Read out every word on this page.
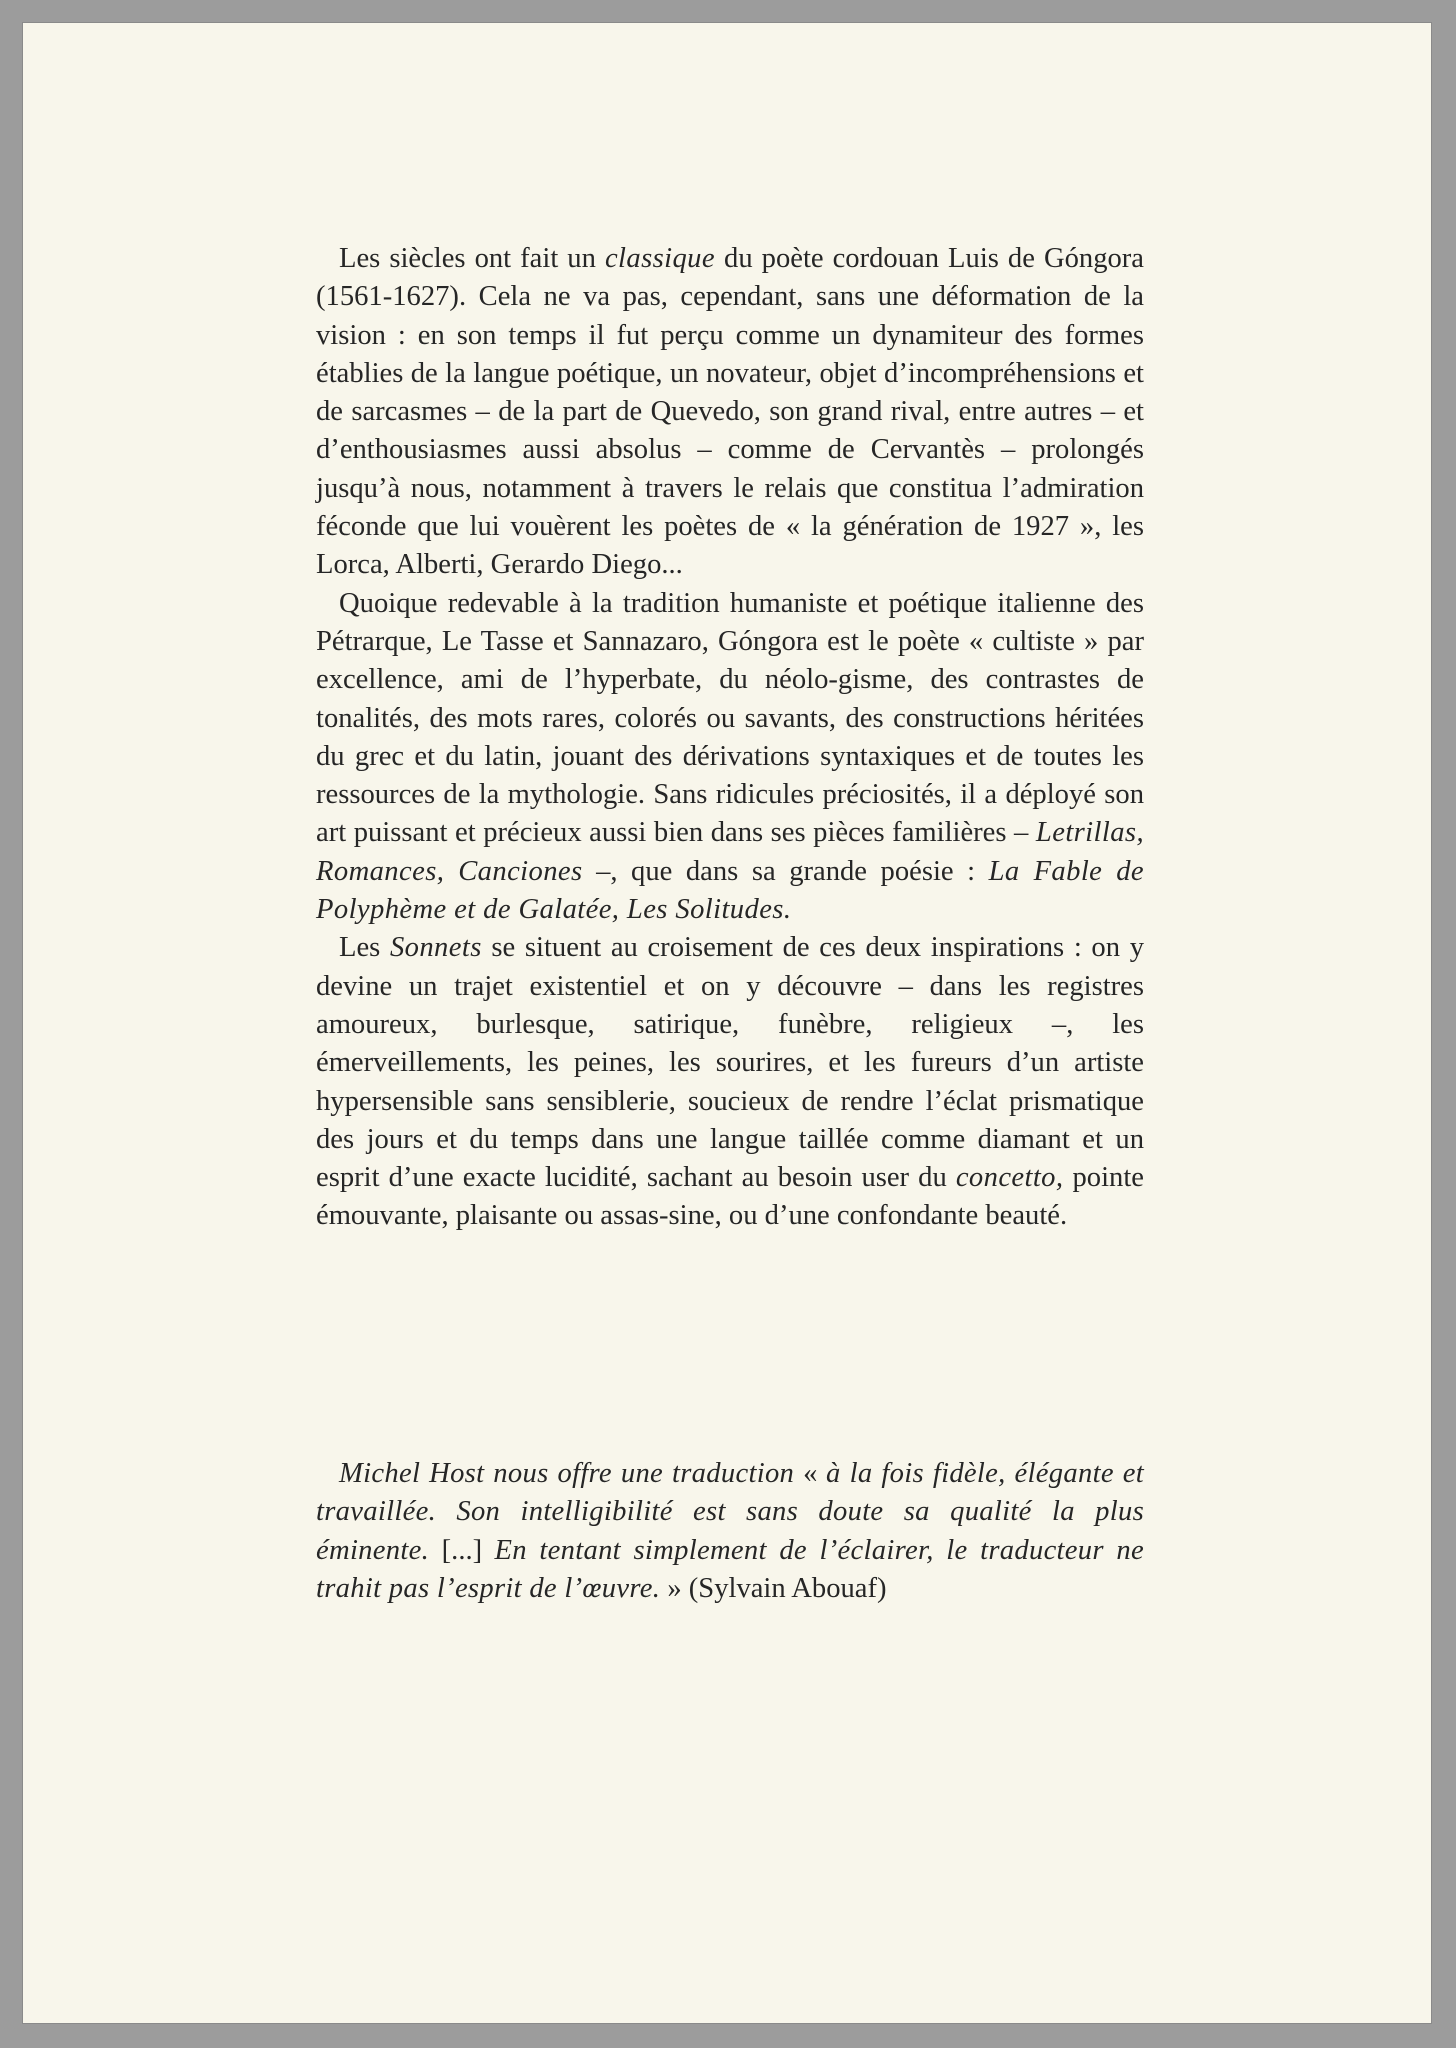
Les siècles ont fait un classique du poète cordouan Luis de Góngora (1561-1627). Cela ne va pas, cependant, sans une déformation de la vision : en son temps il fut perçu comme un dynamiteur des formes établies de la langue poétique, un novateur, objet d’incompréhensions et de sarcasmes – de la part de Quevedo, son grand rival, entre autres – et d’enthousiasmes aussi absolus – comme de Cervantès – prolongés jusqu’à nous, notamment à travers le relais que constitua l’admiration féconde que lui vouèrent les poètes de « la génération de 1927 », les Lorca, Alberti, Gerardo Diego...

Quoique redevable à la tradition humaniste et poétique italienne des Pétrarque, Le Tasse et Sannazaro, Góngora est le poète « cultiste » par excellence, ami de l’hyperbate, du néolo-gisme, des contrastes de tonalités, des mots rares, colorés ou savants, des constructions héritées du grec et du latin, jouant des dérivations syntaxiques et de toutes les ressources de la mythologie. Sans ridicules préciosités, il a déployé son art puissant et précieux aussi bien dans ses pièces familières – Letrillas, Romances, Canciones –, que dans sa grande poésie : La Fable de Polyphème et de Galatée, Les Solitudes.

Les Sonnets se situent au croisement de ces deux inspirations : on y devine un trajet existentiel et on y découvre – dans les registres amoureux, burlesque, satirique, funèbre, religieux –, les émerveillements, les peines, les sourires, et les fureurs d’un artiste hypersensible sans sensiblerie, soucieux de rendre l’éclat prismatique des jours et du temps dans une langue taillée comme diamant et un esprit d’une exacte lucidité, sachant au besoin user du concetto, pointe émouvante, plaisante ou assas-sine, ou d’une confondante beauté.

Michel Host nous offre une traduction « à la fois fidèle, élégante et travaillée. Son intelligibilité est sans doute sa qualité la plus éminente. [...] En tentant simplement de l’éclairer, le traducteur ne trahit pas l’esprit de l’œuvre. » (Sylvain Abouaf)
